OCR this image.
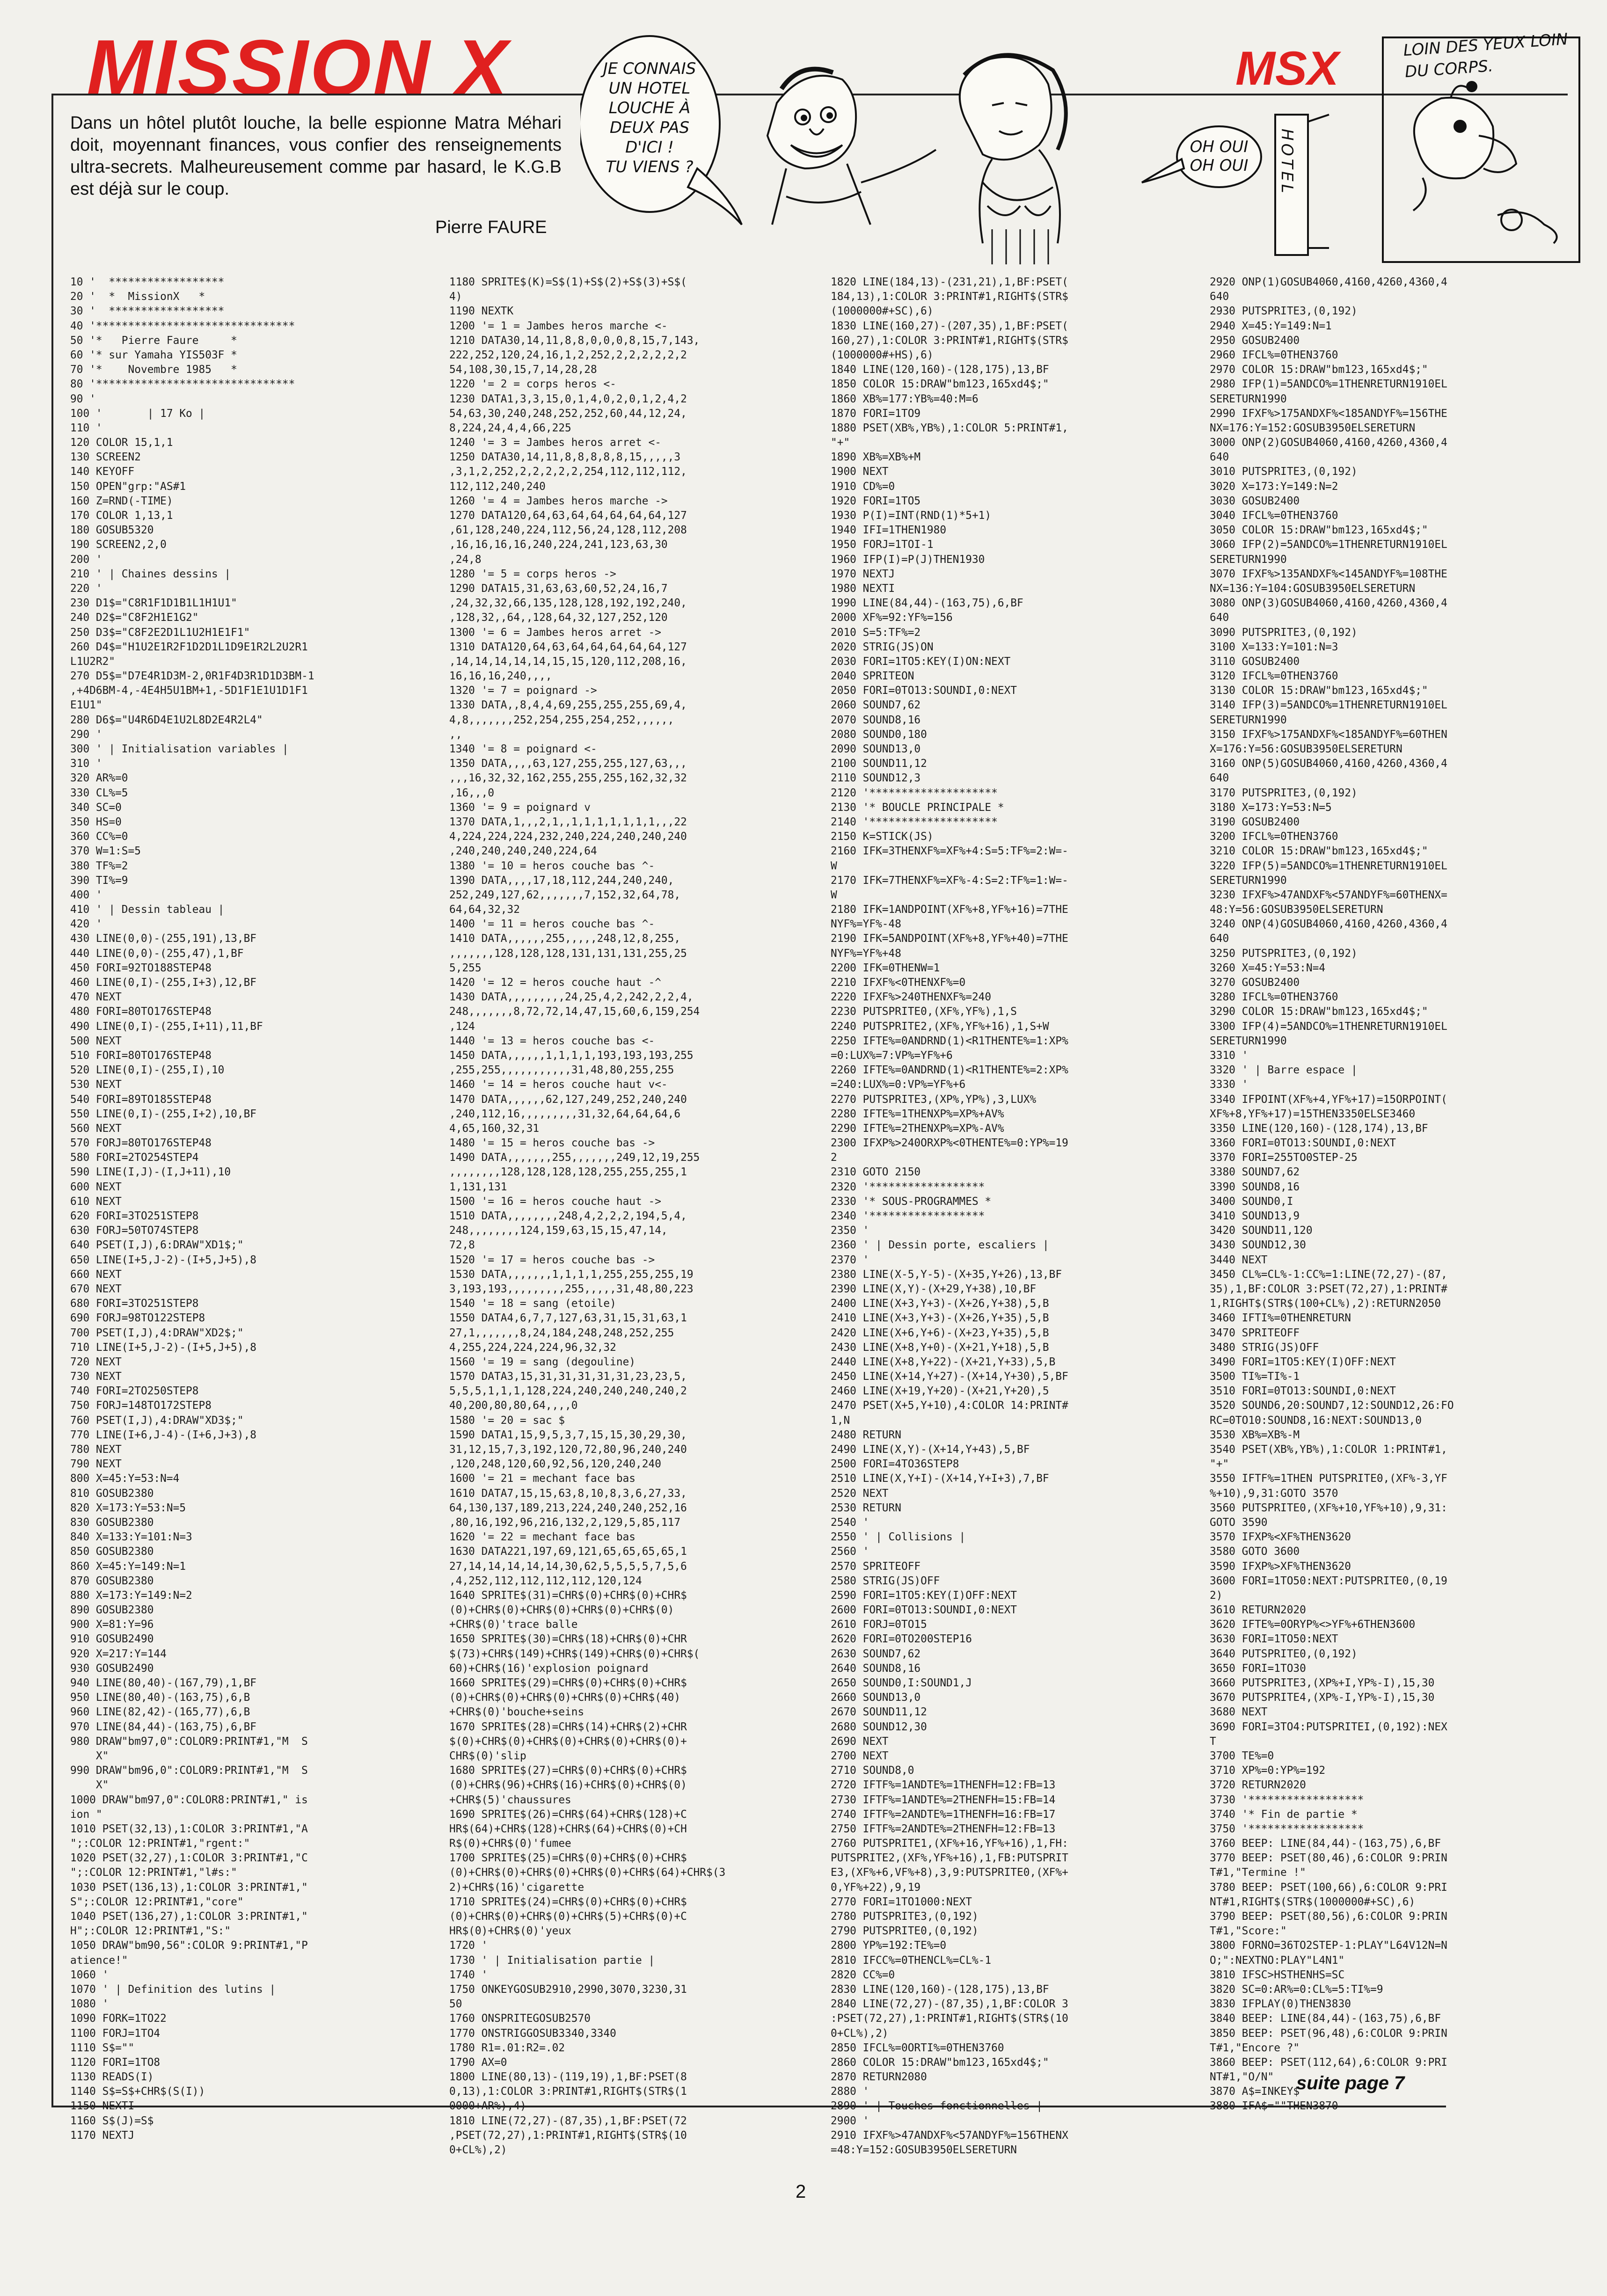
MISSION X	MSX
Dans un hôtel plutôt louche, la belle espionne Matra Méhari doit, moyennant finances, vous confier des renseignements ultra-secrets. Malheureusement comme par hasard, le K.G.B est déjà sur le coup.
Pierre FAURE
JE CONNAIS
UN HOTEL
LOUCHE À
DEUX PAS
D'ICI !
TU VIENS ?
OH OUI
OH OUI HOTEL
LOIN DES YEUX LOIN DU CORPS.
10 '  ******************
20 '  *  MissionX   *
30 '  ******************
40 '*******************************
50 '*   Pierre Faure     *
60 '* sur Yamaha YIS503F *
70 '*    Novembre 1985   *
80 '*******************************
90 '
100 '       | 17 Ko |
110 '
120 COLOR 15,1,1
130 SCREEN2
140 KEYOFF
150 OPEN"grp:"AS#1
160 Z=RND(-TIME)
170 COLOR 1,13,1
180 GOSUB5320
190 SCREEN2,2,0
200 '
210 ' | Chaines dessins |
220 '
230 D1$="C8R1F1D1B1L1H1U1"
240 D2$="C8F2H1E1G2"
250 D3$="C8F2E2D1L1U2H1E1F1"
260 D4$="H1U2E1R2F1D2D1L1D9E1R2L2U2R1
L1U2R2"
270 D5$="D7E4R1D3M-2,0R1F4D3R1D1D3BM-1
,+4D6BM-4,-4E4H5U1BM+1,-5D1F1E1U1D1F1
E1U1"
280 D6$="U4R6D4E1U2L8D2E4R2L4"
290 '
300 ' | Initialisation variables |
310 '
320 AR%=0
330 CL%=5
340 SC=0
350 HS=0
360 CC%=0
370 W=1:S=5
380 TF%=2
390 TI%=9
400 '
410 ' | Dessin tableau |
420 '
430 LINE(0,0)-(255,191),13,BF
440 LINE(0,0)-(255,47),1,BF
450 FORI=92TO188STEP48
460 LINE(0,I)-(255,I+3),12,BF
470 NEXT
480 FORI=80TO176STEP48
490 LINE(0,I)-(255,I+11),11,BF
500 NEXT
510 FORI=80TO176STEP48
520 LINE(0,I)-(255,I),10
530 NEXT
540 FORI=89TO185STEP48
550 LINE(0,I)-(255,I+2),10,BF
560 NEXT
570 FORJ=80TO176STEP48
580 FORI=2TO254STEP4
590 LINE(I,J)-(I,J+11),10
600 NEXT
610 NEXT
620 FORI=3TO251STEP8
630 FORJ=50TO74STEP8
640 PSET(I,J),6:DRAW"XD1$;"
650 LINE(I+5,J-2)-(I+5,J+5),8
660 NEXT
670 NEXT
680 FORI=3TO251STEP8
690 FORJ=98TO122STEP8
700 PSET(I,J),4:DRAW"XD2$;"
710 LINE(I+5,J-2)-(I+5,J+5),8
720 NEXT
730 NEXT
740 FORI=2TO250STEP8
750 FORJ=148TO172STEP8
760 PSET(I,J),4:DRAW"XD3$;"
770 LINE(I+6,J-4)-(I+6,J+3),8
780 NEXT
790 NEXT
800 X=45:Y=53:N=4
810 GOSUB2380
820 X=173:Y=53:N=5
830 GOSUB2380
840 X=133:Y=101:N=3
850 GOSUB2380
860 X=45:Y=149:N=1
870 GOSUB2380
880 X=173:Y=149:N=2
890 GOSUB2380
900 X=81:Y=96
910 GOSUB2490
920 X=217:Y=144
930 GOSUB2490
940 LINE(80,40)-(167,79),1,BF
950 LINE(80,40)-(163,75),6,B
960 LINE(82,42)-(165,77),6,B
970 LINE(84,44)-(163,75),6,BF
980 DRAW"bm97,0":COLOR9:PRINT#1,"M  S
X"
990 DRAW"bm96,0":COLOR9:PRINT#1,"M  S
X"
1000 DRAW"bm97,0":COLOR8:PRINT#1," is
ion "
1010 PSET(32,13),1:COLOR 3:PRINT#1,"A
";:COLOR 12:PRINT#1,"rgent:"
1020 PSET(32,27),1:COLOR 3:PRINT#1,"C
";:COLOR 12:PRINT#1,"l#s:"
1030 PSET(136,13),1:COLOR 3:PRINT#1,"
S";:COLOR 12:PRINT#1,"core"
1040 PSET(136,27),1:COLOR 3:PRINT#1,"
H";:COLOR 12:PRINT#1,"S:"
1050 DRAW"bm90,56":COLOR 9:PRINT#1,"P
atience!"
1060 '
1070 ' | Definition des lutins |
1080 '
1090 FORK=1TO22
1100 FORJ=1TO4
1110 S$=""
1120 FORI=1TO8
1130 READS(I)
1140 S$=S$+CHR$(S(I))
1150 NEXTI
1160 S$(J)=S$
1170 NEXTJ
1180 SPRITE$(K)=S$(1)+S$(2)+S$(3)+S$(
4)
1190 NEXTK
1200 '= 1 = Jambes heros marche <-
1210 DATA30,14,11,8,8,0,0,0,8,15,7,143,
222,252,120,24,16,1,2,252,2,2,2,2,2,2
54,108,30,15,7,14,28,28
1220 '= 2 = corps heros <-
1230 DATA1,3,3,15,0,1,4,0,2,0,1,2,4,2
54,63,30,240,248,252,252,60,44,12,24,
8,224,24,4,4,66,225
1240 '= 3 = Jambes heros arret <-
1250 DATA30,14,11,8,8,8,8,8,15,,,,,3
,3,1,2,252,2,2,2,2,2,254,112,112,112,
112,112,240,240
1260 '= 4 = Jambes heros marche ->
1270 DATA120,64,63,64,64,64,64,64,127
,61,128,240,224,112,56,24,128,112,208
,16,16,16,16,240,224,241,123,63,30
,24,8
1280 '= 5 = corps heros ->
1290 DATA15,31,63,63,60,52,24,16,7
,24,32,32,66,135,128,128,192,192,240,
,128,32,,64,,128,64,32,127,252,120
1300 '= 6 = Jambes heros arret ->
1310 DATA120,64,63,64,64,64,64,64,127
,14,14,14,14,14,15,15,120,112,208,16,
16,16,16,240,,,,
1320 '= 7 = poignard ->
1330 DATA,,8,4,4,69,255,255,255,69,4,
4,8,,,,,,,252,254,255,254,252,,,,,,
,,
1340 '= 8 = poignard <-
1350 DATA,,,,63,127,255,255,127,63,,,
,,,16,32,32,162,255,255,255,162,32,32
,16,,,0
1360 '= 9 = poignard v
1370 DATA,1,,,2,1,,1,1,1,1,1,1,1,,,22
4,224,224,224,232,240,224,240,240,240
,240,240,240,240,224,64
1380 '= 10 = heros couche bas ^-
1390 DATA,,,,17,18,112,244,240,240,
252,249,127,62,,,,,,,7,152,32,64,78,
64,64,32,32
1400 '= 11 = heros couche bas ^-
1410 DATA,,,,,,255,,,,,248,12,8,255,
,,,,,,,128,128,128,131,131,131,255,25
5,255
1420 '= 12 = heros couche haut -^
1430 DATA,,,,,,,,,24,25,4,2,242,2,2,4,
248,,,,,,,8,72,72,14,47,15,60,6,159,254
,124
1440 '= 13 = heros couche bas <-
1450 DATA,,,,,,1,1,1,1,193,193,193,255
,255,255,,,,,,,,,,,31,48,80,255,255
1460 '= 14 = heros couche haut v<-
1470 DATA,,,,,,62,127,249,252,240,240
,240,112,16,,,,,,,,,31,32,64,64,64,6
4,65,160,32,31
1480 '= 15 = heros couche bas ->
1490 DATA,,,,,,,255,,,,,,,249,12,19,255
,,,,,,,,128,128,128,128,255,255,255,1
1,131,131
1500 '= 16 = heros couche haut ->
1510 DATA,,,,,,,,248,4,2,2,2,194,5,4,
248,,,,,,,,124,159,63,15,15,47,14,
72,8
1520 '= 17 = heros couche bas ->
1530 DATA,,,,,,,1,1,1,1,255,255,255,19
3,193,193,,,,,,,,,255,,,,,31,48,80,223
1540 '= 18 = sang (etoile)
1550 DATA4,6,7,7,127,63,31,15,31,63,1
27,1,,,,,,,8,24,184,248,248,252,255
4,255,224,224,224,96,32,32
1560 '= 19 = sang (degouline)
1570 DATA3,15,31,31,31,31,31,23,23,5,
5,5,5,1,1,1,128,224,240,240,240,240,2
40,200,80,80,64,,,,0
1580 '= 20 = sac $
1590 DATA1,15,9,5,3,7,15,15,30,29,30,
31,12,15,7,3,192,120,72,80,96,240,240
,120,248,120,60,92,56,120,240,240
1600 '= 21 = mechant face bas
1610 DATA7,15,15,63,8,10,8,3,6,27,33,
64,130,137,189,213,224,240,240,252,16
,80,16,192,96,216,132,2,129,5,85,117
1620 '= 22 = mechant face bas
1630 DATA221,197,69,121,65,65,65,65,1
27,14,14,14,14,14,30,62,5,5,5,5,7,5,6
,4,252,112,112,112,112,120,124
1640 SPRITE$(31)=CHR$(0)+CHR$(0)+CHR$
(0)+CHR$(0)+CHR$(0)+CHR$(0)+CHR$(0)
+CHR$(0)'trace balle
1650 SPRITE$(30)=CHR$(18)+CHR$(0)+CHR
$(73)+CHR$(149)+CHR$(149)+CHR$(0)+CHR$(
60)+CHR$(16)'explosion poignard
1660 SPRITE$(29)=CHR$(0)+CHR$(0)+CHR$
(0)+CHR$(0)+CHR$(0)+CHR$(0)+CHR$(40)
+CHR$(0)'bouche+seins
1670 SPRITE$(28)=CHR$(14)+CHR$(2)+CHR
$(0)+CHR$(0)+CHR$(0)+CHR$(0)+CHR$(0)+
CHR$(0)'slip
1680 SPRITE$(27)=CHR$(0)+CHR$(0)+CHR$
(0)+CHR$(96)+CHR$(16)+CHR$(0)+CHR$(0)
+CHR$(5)'chaussures
1690 SPRITE$(26)=CHR$(64)+CHR$(128)+C
HR$(64)+CHR$(128)+CHR$(64)+CHR$(0)+CH
R$(0)+CHR$(0)'fumee
1700 SPRITE$(25)=CHR$(0)+CHR$(0)+CHR$
(0)+CHR$(0)+CHR$(0)+CHR$(0)+CHR$(64)+CHR$(3
2)+CHR$(16)'cigarette
1710 SPRITE$(24)=CHR$(0)+CHR$(0)+CHR$
(0)+CHR$(0)+CHR$(0)+CHR$(5)+CHR$(0)+C
HR$(0)+CHR$(0)'yeux
1720 '
1730 ' | Initialisation partie |
1740 '
1750 ONKEYGOSUB2910,2990,3070,3230,31
50
1760 ONSPRITEGOSUB2570
1770 ONSTRIGGOSUB3340,3340
1780 R1=.01:R2=.02
1790 AX=0
1800 LINE(80,13)-(119,19),1,BF:PSET(8
0,13),1:COLOR 3:PRINT#1,RIGHT$(STR$(1
0000+AR%),4)
1810 LINE(72,27)-(87,35),1,BF:PSET(72
,PSET(72,27),1:PRINT#1,RIGHT$(STR$(10
0+CL%),2)
1820 LINE(184,13)-(231,21),1,BF:PSET(
184,13),1:COLOR 3:PRINT#1,RIGHT$(STR$
(1000000#+SC),6)
1830 LINE(160,27)-(207,35),1,BF:PSET(
160,27),1:COLOR 3:PRINT#1,RIGHT$(STR$
(1000000#+HS),6)
1840 LINE(120,160)-(128,175),13,BF
1850 COLOR 15:DRAW"bm123,165xd4$;"
1860 XB%=177:YB%=40:M=6
1870 FORI=1TO9
1880 PSET(XB%,YB%),1:COLOR 5:PRINT#1,
"+"
1890 XB%=XB%+M
1900 NEXT
1910 CD%=0
1920 FORI=1TO5
1930 P(I)=INT(RND(1)*5+1)
1940 IFI=1THEN1980
1950 FORJ=1TOI-1
1960 IFP(I)=P(J)THEN1930
1970 NEXTJ
1980 NEXTI
1990 LINE(84,44)-(163,75),6,BF
2000 XF%=92:YF%=156
2010 S=5:TF%=2
2020 STRIG(JS)ON
2030 FORI=1TO5:KEY(I)ON:NEXT
2040 SPRITEON
2050 FORI=0TO13:SOUNDI,0:NEXT
2060 SOUND7,62
2070 SOUND8,16
2080 SOUND0,180
2090 SOUND13,0
2100 SOUND11,12
2110 SOUND12,3
2120 '********************
2130 '* BOUCLE PRINCIPALE *
2140 '********************
2150 K=STICK(JS)
2160 IFK=3THENXF%=XF%+4:S=5:TF%=2:W=-
W
2170 IFK=7THENXF%=XF%-4:S=2:TF%=1:W=-
W
2180 IFK=1ANDPOINT(XF%+8,YF%+16)=7THE
NYF%=YF%-48
2190 IFK=5ANDPOINT(XF%+8,YF%+40)=7THE
NYF%=YF%+48
2200 IFK=0THENW=1
2210 IFXF%<0THENXF%=0
2220 IFXF%>240THENXF%=240
2230 PUTSPRITE0,(XF%,YF%),1,S
2240 PUTSPRITE2,(XF%,YF%+16),1,S+W
2250 IFTE%=0ANDRND(1)<R1THENTE%=1:XP%
=0:LUX%=7:VP%=YF%+6
2260 IFTE%=0ANDRND(1)<R1THENTE%=2:XP%
=240:LUX%=0:VP%=YF%+6
2270 PUTSPRITE3,(XP%,YP%),3,LUX%
2280 IFTE%=1THENXP%=XP%+AV%
2290 IFTE%=2THENXP%=XP%-AV%
2300 IFXP%>240ORXP%<0THENTE%=0:YP%=19
2
2310 GOTO 2150
2320 '******************
2330 '* SOUS-PROGRAMMES *
2340 '******************
2350 '
2360 ' | Dessin porte, escaliers |
2370 '
2380 LINE(X-5,Y-5)-(X+35,Y+26),13,BF
2390 LINE(X,Y)-(X+29,Y+38),10,BF
2400 LINE(X+3,Y+3)-(X+26,Y+38),5,B
2410 LINE(X+3,Y+3)-(X+26,Y+35),5,B
2420 LINE(X+6,Y+6)-(X+23,Y+35),5,B
2430 LINE(X+8,Y+0)-(X+21,Y+18),5,B
2440 LINE(X+8,Y+22)-(X+21,Y+33),5,B
2450 LINE(X+14,Y+27)-(X+14,Y+30),5,BF
2460 LINE(X+19,Y+20)-(X+21,Y+20),5
2470 PSET(X+5,Y+10),4:COLOR 14:PRINT#
1,N
2480 RETURN
2490 LINE(X,Y)-(X+14,Y+43),5,BF
2500 FORI=4TO36STEP8
2510 LINE(X,Y+I)-(X+14,Y+I+3),7,BF
2520 NEXT
2530 RETURN
2540 '
2550 ' | Collisions |
2560 '
2570 SPRITEOFF
2580 STRIG(JS)OFF
2590 FORI=1TO5:KEY(I)OFF:NEXT
2600 FORI=0TO13:SOUNDI,0:NEXT
2610 FORJ=0TO15
2620 FORI=0TO200STEP16
2630 SOUND7,62
2640 SOUND8,16
2650 SOUND0,I:SOUND1,J
2660 SOUND13,0
2670 SOUND11,12
2680 SOUND12,30
2690 NEXT
2700 NEXT
2710 SOUND8,0
2720 IFTF%=1ANDTE%=1THENFH=12:FB=13
2730 IFTF%=1ANDTE%=2THENFH=15:FB=14
2740 IFTF%=2ANDTE%=1THENFH=16:FB=17
2750 IFTF%=2ANDTE%=2THENFH=12:FB=13
2760 PUTSPRITE1,(XF%+16,YF%+16),1,FH:
PUTSPRITE2,(XF%,YF%+16),1,FB:PUTSPRIT
E3,(XF%+6,VF%+8),3,9:PUTSPRITE0,(XF%+
0,YF%+22),9,19
2770 FORI=1TO1000:NEXT
2780 PUTSPRITE3,(0,192)
2790 PUTSPRITE0,(0,192)
2800 YP%=192:TE%=0
2810 IFCC%=0THENCL%=CL%-1
2820 CC%=0
2830 LINE(120,160)-(128,175),13,BF
2840 LINE(72,27)-(87,35),1,BF:COLOR 3
:PSET(72,27),1:PRINT#1,RIGHT$(STR$(10
0+CL%),2)
2850 IFCL%=0ORTI%=0THEN3760
2860 COLOR 15:DRAW"bm123,165xd4$;"
2870 RETURN2080
2880 '
2890 ' | Touches fonctionnelles |
2900 '
2910 IFXF%>47ANDXF%<57ANDYF%=156THENX
=48:Y=152:GOSUB3950ELSERETURN
2920 ONP(1)GOSUB4060,4160,4260,4360,4
640
2930 PUTSPRITE3,(0,192)
2940 X=45:Y=149:N=1
2950 GOSUB2400
2960 IFCL%=0THEN3760
2970 COLOR 15:DRAW"bm123,165xd4$;"
2980 IFP(1)=5ANDCO%=1THENRETURN1910EL
SERETURN1990
2990 IFXF%>175ANDXF%<185ANDYF%=156THE
NX=176:Y=152:GOSUB3950ELSERETURN
3000 ONP(2)GOSUB4060,4160,4260,4360,4
640
3010 PUTSPRITE3,(0,192)
3020 X=173:Y=149:N=2
3030 GOSUB2400
3040 IFCL%=0THEN3760
3050 COLOR 15:DRAW"bm123,165xd4$;"
3060 IFP(2)=5ANDCO%=1THENRETURN1910EL
SERETURN1990
3070 IFXF%>135ANDXF%<145ANDYF%=108THE
NX=136:Y=104:GOSUB3950ELSERETURN
3080 ONP(3)GOSUB4060,4160,4260,4360,4
640
3090 PUTSPRITE3,(0,192)
3100 X=133:Y=101:N=3
3110 GOSUB2400
3120 IFCL%=0THEN3760
3130 COLOR 15:DRAW"bm123,165xd4$;"
3140 IFP(3)=5ANDCO%=1THENRETURN1910EL
SERETURN1990
3150 IFXF%>175ANDXF%<185ANDYF%=60THEN
X=176:Y=56:GOSUB3950ELSERETURN
3160 ONP(5)GOSUB4060,4160,4260,4360,4
640
3170 PUTSPRITE3,(0,192)
3180 X=173:Y=53:N=5
3190 GOSUB2400
3200 IFCL%=0THEN3760
3210 COLOR 15:DRAW"bm123,165xd4$;"
3220 IFP(5)=5ANDCO%=1THENRETURN1910EL
SERETURN1990
3230 IFXF%>47ANDXF%<57ANDYF%=60THENX=
48:Y=56:GOSUB3950ELSERETURN
3240 ONP(4)GOSUB4060,4160,4260,4360,4
640
3250 PUTSPRITE3,(0,192)
3260 X=45:Y=53:N=4
3270 GOSUB2400
3280 IFCL%=0THEN3760
3290 COLOR 15:DRAW"bm123,165xd4$;"
3300 IFP(4)=5ANDCO%=1THENRETURN1910EL
SERETURN1990
3310 '
3320 ' | Barre espace |
3330 '
3340 IFPOINT(XF%+4,YF%+17)=15ORPOINT(
XF%+8,YF%+17)=15THEN3350ELSE3460
3350 LINE(120,160)-(128,174),13,BF
3360 FORI=0TO13:SOUNDI,0:NEXT
3370 FORI=255TO0STEP-25
3380 SOUND7,62
3390 SOUND8,16
3400 SOUND0,I
3410 SOUND13,9
3420 SOUND11,120
3430 SOUND12,30
3440 NEXT
3450 CL%=CL%-1:CC%=1:LINE(72,27)-(87,
35),1,BF:COLOR 3:PSET(72,27),1:PRINT#
1,RIGHT$(STR$(100+CL%),2):RETURN2050
3460 IFTI%=0THENRETURN
3470 SPRITEOFF
3480 STRIG(JS)OFF
3490 FORI=1TO5:KEY(I)OFF:NEXT
3500 TI%=TI%-1
3510 FORI=0TO13:SOUNDI,0:NEXT
3520 SOUND6,20:SOUND7,12:SOUND12,26:FO
RC=0TO10:SOUND8,16:NEXT:SOUND13,0
3530 XB%=XB%-M
3540 PSET(XB%,YB%),1:COLOR 1:PRINT#1,
"+"
3550 IFTF%=1THEN PUTSPRITE0,(XF%-3,YF
%+10),9,31:GOTO 3570
3560 PUTSPRITE0,(XF%+10,YF%+10),9,31:
GOTO 3590
3570 IFXP%<XF%THEN3620
3580 GOTO 3600
3590 IFXP%>XF%THEN3620
3600 FORI=1TO50:NEXT:PUTSPRITE0,(0,19
2)
3610 RETURN2020
3620 IFTE%=0ORYP%<>YF%+6THEN3600
3630 FORI=1TO50:NEXT
3640 PUTSPRITE0,(0,192)
3650 FORI=1TO30
3660 PUTSPRITE3,(XP%+I,YP%-I),15,30
3670 PUTSPRITE4,(XP%-I,YP%-I),15,30
3680 NEXT
3690 FORI=3TO4:PUTSPRITEI,(0,192):NEX
T
3700 TE%=0
3710 XP%=0:YP%=192
3720 RETURN2020
3730 '******************
3740 '* Fin de partie *
3750 '******************
3760 BEEP: LINE(84,44)-(163,75),6,BF
3770 BEEP: PSET(80,46),6:COLOR 9:PRIN
T#1,"Termine !"
3780 BEEP: PSET(100,66),6:COLOR 9:PRI
NT#1,RIGHT$(STR$(1000000#+SC),6)
3790 BEEP: PSET(80,56),6:COLOR 9:PRIN
T#1,"Score:"
3800 FORNO=36TO2STEP-1:PLAY"L64V12N=N
O;":NEXTNO:PLAY"L4N1"
3810 IFSC>HSTHENHS=SC
3820 SC=0:AR%=0:CL%=5:TI%=9
3830 IFPLAY(0)THEN3830
3840 BEEP: LINE(84,44)-(163,75),6,BF
3850 BEEP: PSET(96,48),6:COLOR 9:PRIN
T#1,"Encore ?"
3860 BEEP: PSET(112,64),6:COLOR 9:PRI
NT#1,"O/N"
3870 A$=INKEY$
3880 IFA$=""THEN3870
suite page 7
2
